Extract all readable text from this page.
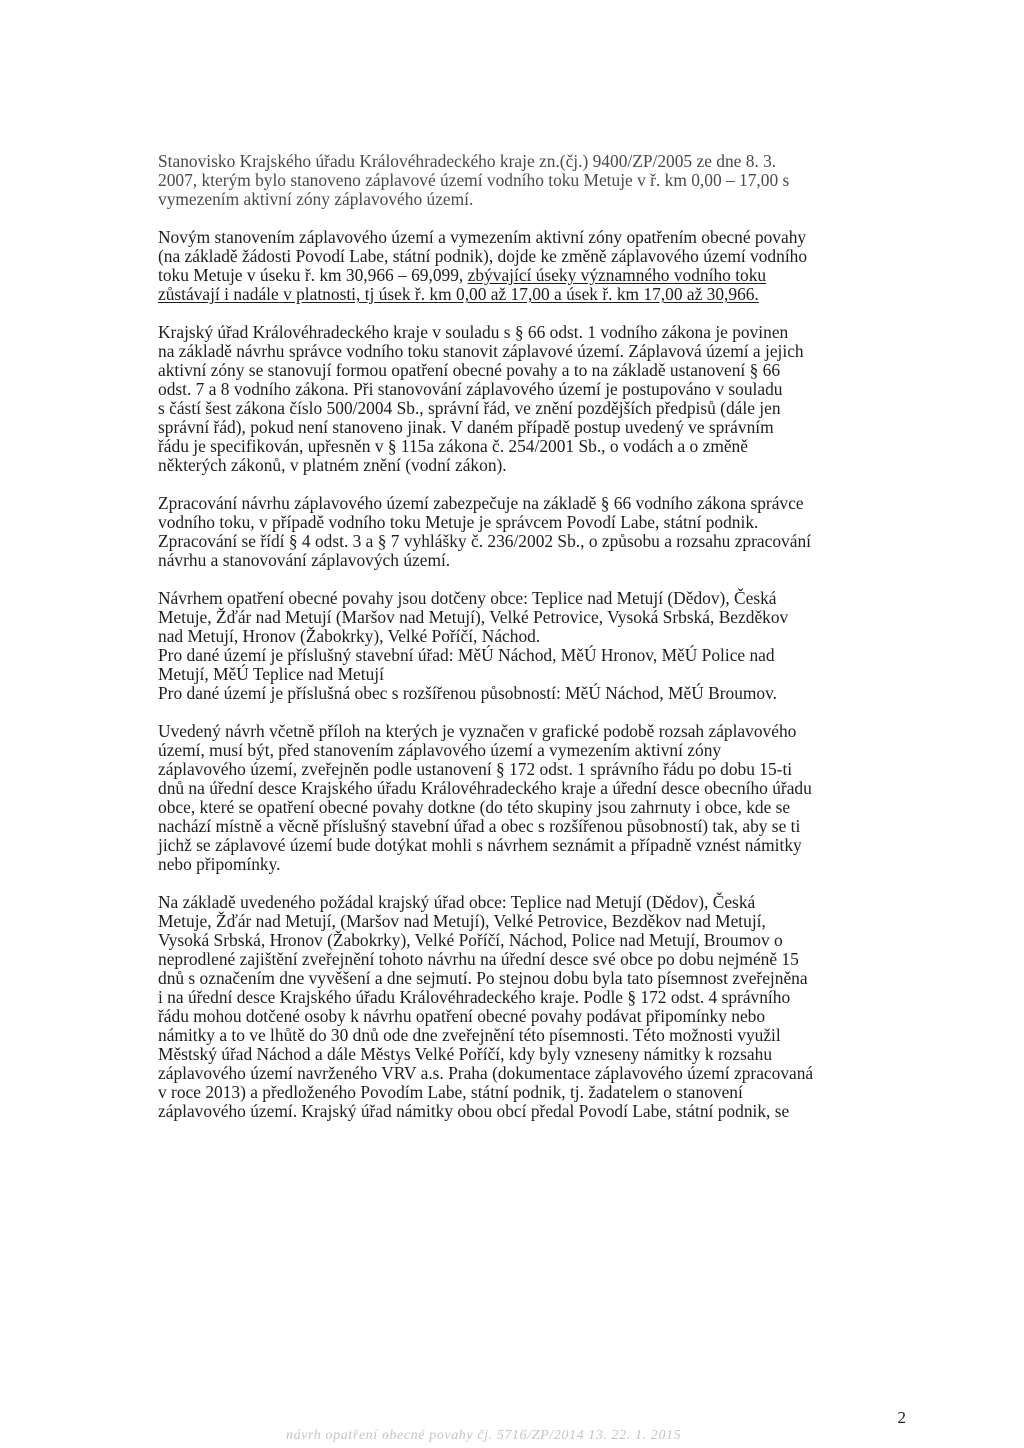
Stanovisko Krajského úřadu Královéhradeckého kraje zn.(čj.) 9400/ZP/2005 ze dne 8. 3.
2007, kterým bylo stanoveno záplavové území vodního toku Metuje v ř. km 0,00 – 17,00 s
vymezením aktivní zóny záplavového území.

Novým stanovením záplavového území a vymezením aktivní zóny opatřením obecné povahy
(na základě žádosti Povodí Labe, státní podnik), dojde ke změně záplavového území vodního
toku Metuje v úseku ř. km 30,966 – 69,099, zbývající úseky významného vodního toku
zůstávají i nadále v platnosti, tj úsek ř. km 0,00 až 17,00 a úsek ř. km 17,00 až 30,966.

Krajský úřad Královéhradeckého kraje v souladu s § 66 odst. 1 vodního zákona je povinen
na základě návrhu správce vodního toku stanovit záplavové území. Záplavová území a jejich
aktivní zóny se stanovují formou opatření obecné povahy a to na základě ustanovení § 66
odst. 7 a 8 vodního zákona. Při stanovování záplavového území je postupováno v souladu
s částí šest zákona číslo 500/2004 Sb., správní řád, ve znění pozdějších předpisů (dále jen
správní řád), pokud není stanoveno jinak. V daném případě postup uvedený ve správním
řádu je specifikován, upřesněn v § 115a zákona č. 254/2001 Sb., o vodách a o změně
některých zákonů, v platném znění (vodní zákon).

Zpracování návrhu záplavového území zabezpečuje na základě § 66 vodního zákona správce
vodního toku, v případě vodního toku Metuje je správcem Povodí Labe, státní podnik.
Zpracování se řídí § 4 odst. 3 a § 7 vyhlášky č. 236/2002 Sb., o způsobu a rozsahu zpracování
návrhu a stanovování záplavových území.

Návrhem opatření obecné povahy jsou dotčeny obce: Teplice nad Metují (Dědov), Česká
Metuje, Žďár nad Metují (Maršov nad Metují), Velké Petrovice, Vysoká Srbská, Bezděkov
nad Metují, Hronov (Žabokrky), Velké Poříčí, Náchod.
Pro dané území je příslušný stavební úřad: MěÚ Náchod, MěÚ Hronov, MěÚ Police nad
Metují, MěÚ Teplice nad Metují
Pro dané území je příslušná obec s rozšířenou působností: MěÚ Náchod, MěÚ Broumov.

Uvedený návrh včetně příloh na kterých je vyznačen v grafické podobě rozsah záplavového
území, musí být, před stanovením záplavového území a vymezením aktivní zóny
záplavového území, zveřejněn podle ustanovení § 172 odst. 1 správního řádu po dobu 15-ti
dnů na úřední desce Krajského úřadu Královéhradeckého kraje a úřední desce obecního úřadu
obce, které se opatření obecné povahy dotkne (do této skupiny jsou zahrnuty i obce, kde se
nachází místně a věcně příslušný stavební úřad a obec s rozšířenou působností) tak, aby se ti
jichž se záplavové území bude dotýkat mohli s návrhem seznámit a případně vznést námitky
nebo připomínky.

Na základě uvedeného požádal krajský úřad obce: Teplice nad Metují (Dědov), Česká
Metuje, Žďár nad Metují, (Maršov nad Metují), Velké Petrovice, Bezděkov nad Metují,
Vysoká Srbská, Hronov (Žabokrky), Velké Poříčí, Náchod, Police nad Metují, Broumov o
neprodlené zajištění zveřejnění tohoto návrhu na úřední desce své obce po dobu nejméně 15
dnů s označením dne vyvěšení a dne sejmutí. Po stejnou dobu byla tato písemnost zveřejněna
i na úřední desce Krajského úřadu Královéhradeckého kraje. Podle § 172 odst. 4 správního
řádu mohou dotčené osoby k návrhu opatření obecné povahy podávat připomínky nebo
námitky a to ve lhůtě do 30 dnů ode dne zveřejnění této písemnosti. Této možnosti využil
Městský úřad Náchod a dále Městys Velké Poříčí, kdy byly vzneseny námitky k rozsahu
záplavového území navrženého VRV a.s. Praha (dokumentace záplavového území zpracovaná
v roce 2013) a předloženého Povodím Labe, státní podnik, tj. žadatelem o stanovení
záplavového území. Krajský úřad námitky obou obcí předal Povodí Labe, státní podnik, se

2
návrh opatření obecné povahy čj. 5716/ZP/2014 13. 22. 1. 2015
